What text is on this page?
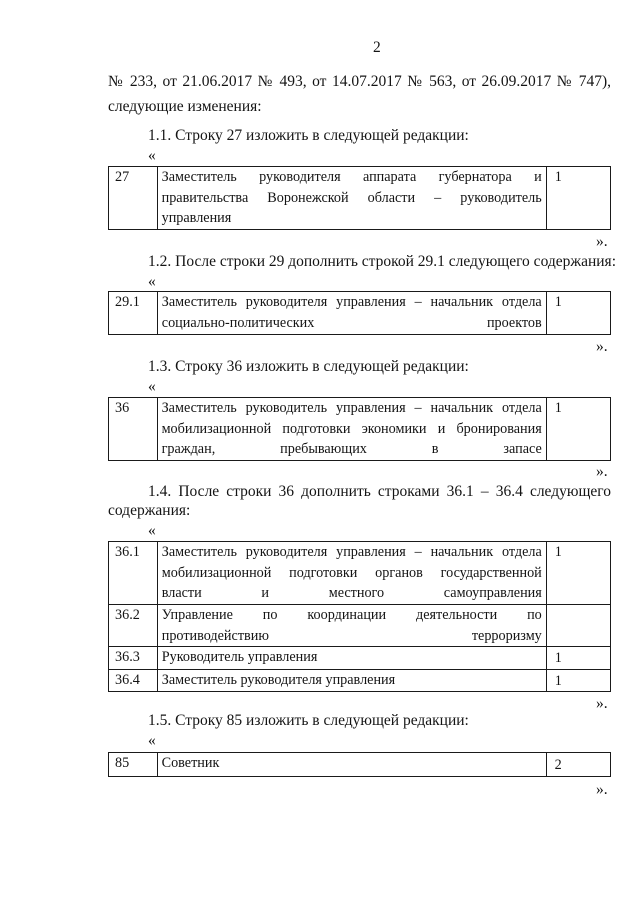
2
№ 233, от 21.06.2017 № 493, от 14.07.2017 № 563, от 26.09.2017 № 747),
следующие изменения:
1.1. Строку 27 изложить в следующей редакции:
«
27	Заместитель руководителя аппарата губернатора и правительства Воронежской области – руководитель управления	1
».
1.2. После строки 29 дополнить строкой 29.1 следующего содержания:
«
29.1	Заместитель руководителя управления – начальник отдела социально-политических проектов	1
».
1.3. Строку 36 изложить в следующей редакции:
«
36	Заместитель руководитель управления – начальник отдела мобилизационной подготовки экономики и бронирования граждан, пребывающих в запасе	1
».
1.4. После строки 36 дополнить строками 36.1 – 36.4 следующего
содержания:
«
36.1	Заместитель руководителя управления – начальник отдела мобилизационной подготовки органов государственной власти и местного самоуправления	1
36.2	Управление по координации деятельности по противодействию терроризму	
36.3	Руководитель управления	1
36.4	Заместитель руководителя управления	1
».
1.5. Строку 85 изложить в следующей редакции:
«
85	Советник	2
».
